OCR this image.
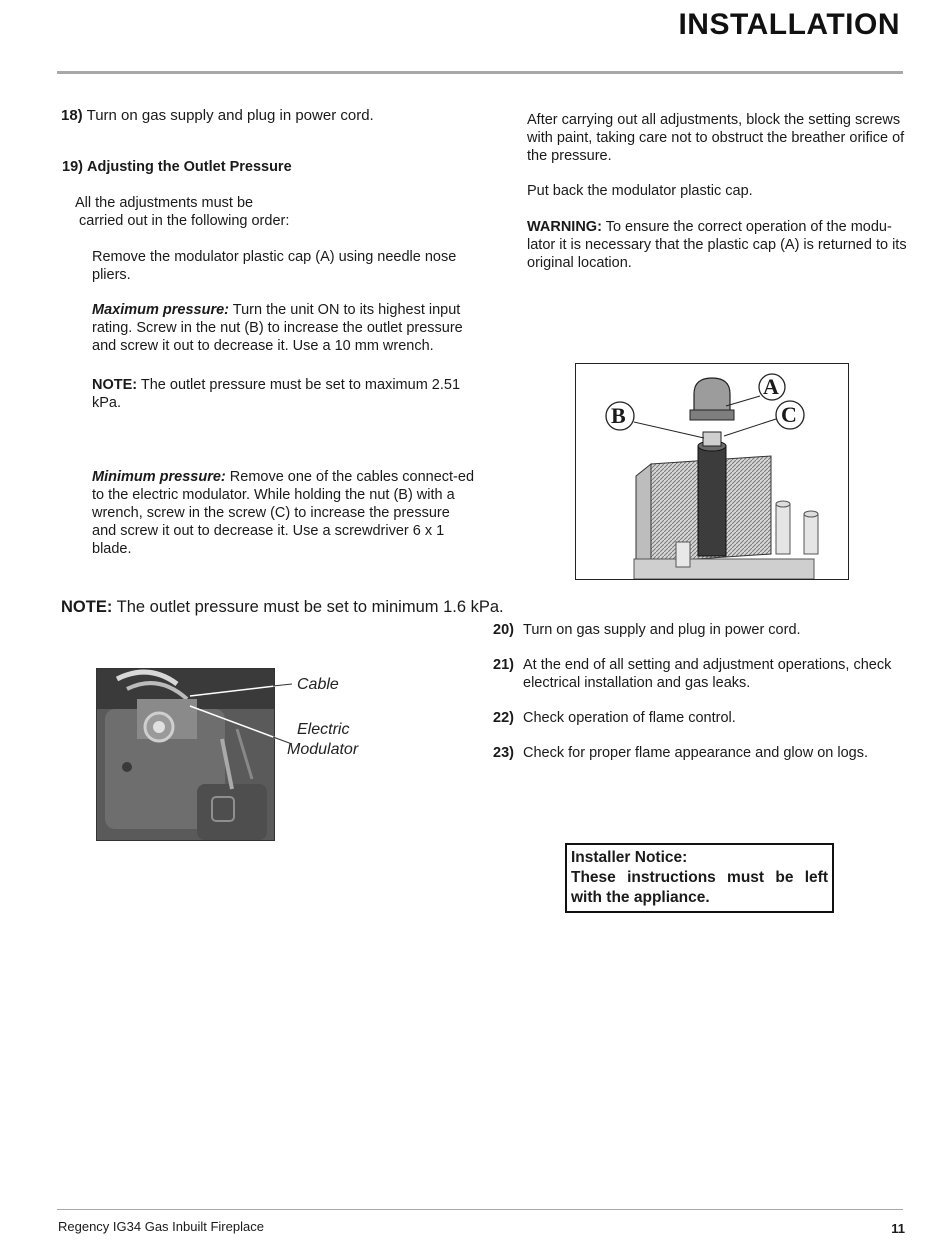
INSTALLATION
18) Turn on gas supply and plug in power cord.
19) Adjusting the Outlet Pressure
All the adjustments must be
carried out in the following order:
Remove the modulator plastic cap (A) using needle nose pliers.
Maximum pressure: Turn the unit ON to its highest input rating. Screw in the nut (B) to increase the outlet pressure and screw it out to decrease it. Use a 10 mm wrench.
NOTE: The outlet pressure must be set to maximum 2.51 kPa.
Minimum pressure: Remove one of the cables connect-ed to the electric modulator. While holding the nut (B) with a wrench, screw in the screw (C) to increase the pressure and screw it out to decrease it. Use a screwdriver 6 x 1 blade.
NOTE: The outlet pressure must be set to minimum 1.6 kPa.
Cable
Electric
Modulator
After carrying out all adjustments, block the setting screws with paint, taking care not to obstruct the breather orifice of the pressure.
Put back the modulator plastic cap.
WARNING: To ensure the correct operation of the modu-lator it is necessary that the plastic cap (A) is returned to its original location.
B
A
C
20) Turn on gas supply and plug in power cord.
21) At the end of all setting and adjustment operations, check electrical installation and gas leaks.
22) Check operation of flame control.
23) Check for proper flame appearance and glow on logs.
Installer Notice:
These instructions must be left with the appliance.
Regency IG34 Gas Inbuilt Fireplace	11
